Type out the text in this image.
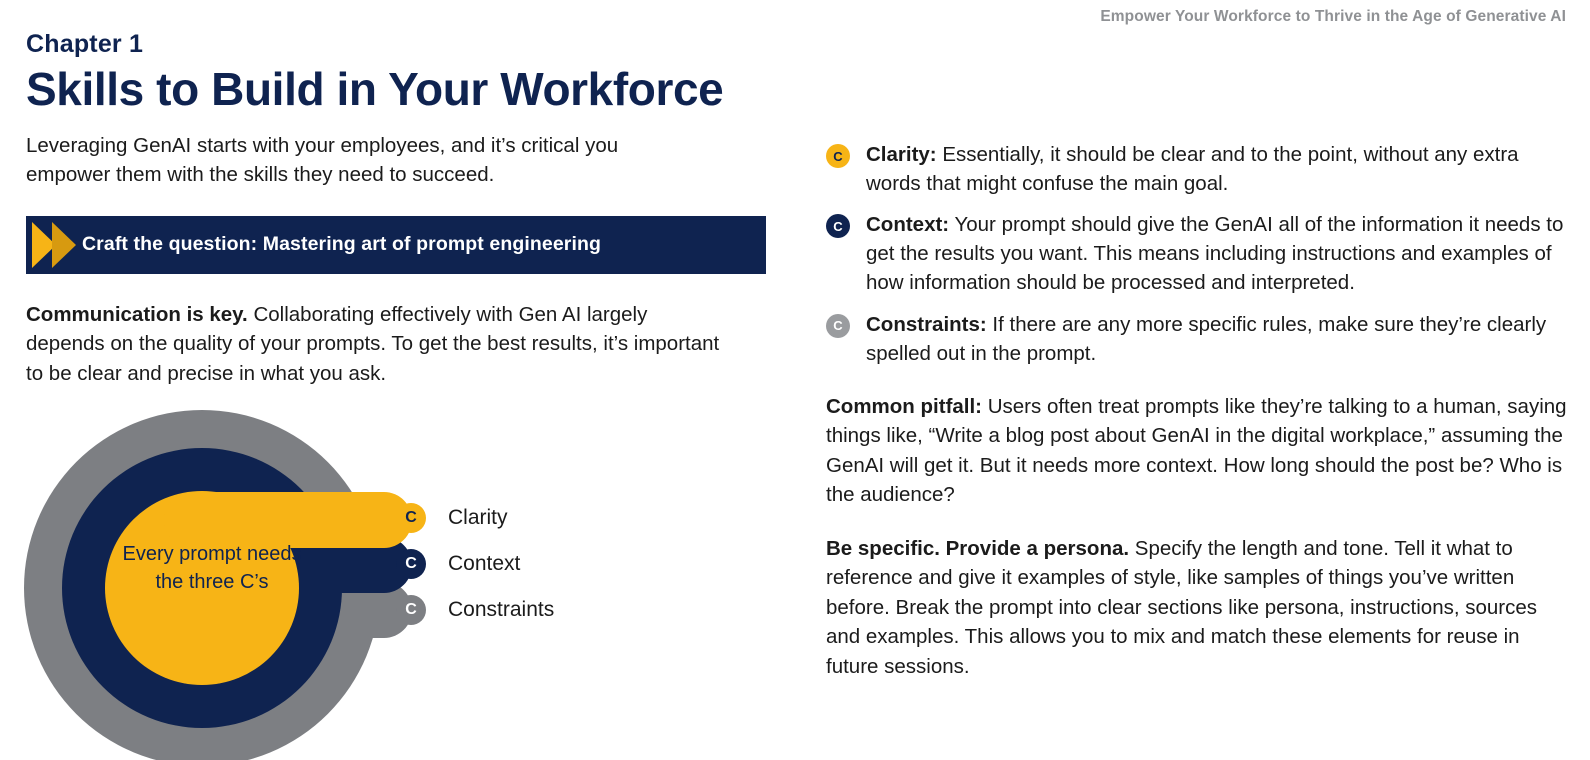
Empower Your Workforce to Thrive in the Age of Generative AI
Chapter 1
Skills to Build in Your Workforce

Leveraging GenAI starts with your employees, and it’s critical you empower them with the skills they need to succeed.

Craft the question: Mastering art of prompt engineering

Communication is key. Collaborating effectively with Gen AI largely depends on the quality of your prompts. To get the best results, it’s important to be clear and precise in what you ask.

Every prompt needs the three C’s
C	Clarity
C	Context
C	Constraints
C	Clarity: Essentially, it should be clear and to the point, without any extra words that might confuse the main goal.
C	Context: Your prompt should give the GenAI all of the information it needs to get the results you want. This means including instructions and examples of how information should be processed and interpreted.
C	Constraints: If there are any more specific rules, make sure they’re clearly spelled out in the prompt.

Common pitfall: Users often treat prompts like they’re talking to a human, saying things like, “Write a blog post about GenAI in the digital workplace,” assuming the GenAI will get it. But it needs more context. How long should the post be? Who is the audience?

Be specific. Provide a persona. Specify the length and tone. Tell it what to reference and give it examples of style, like samples of things you’ve written before. Break the prompt into clear sections like persona, instructions, sources and examples. This allows you to mix and match these elements for reuse in future sessions.
